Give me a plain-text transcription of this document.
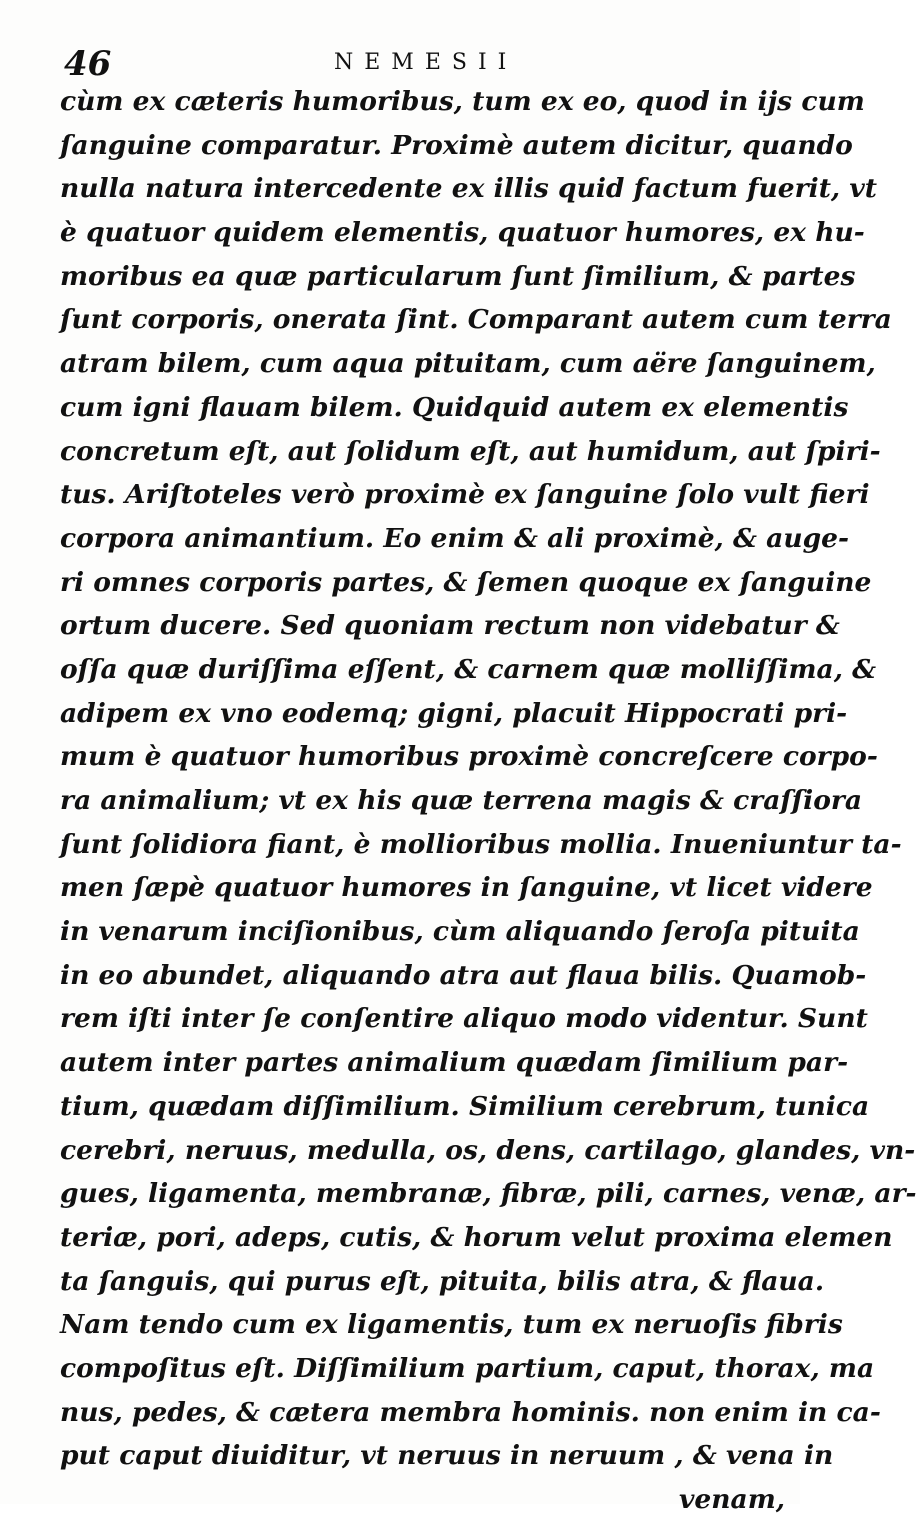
46	NEMESII
cùm ex cæteris humoribus, tum ex eo, quod in ijs cum
ſanguine comparatur. Proximè autem dicitur, quando
nulla natura intercedente ex illis quid factum fuerit, vt
è quatuor quidem elementis, quatuor humores, ex hu-
moribus ea quæ particularum ſunt ſimilium, & partes
ſunt corporis, onerata ſint. Comparant autem cum terra
atram bilem, cum aqua pituitam, cum aëre ſanguinem,
cum igni flauam bilem. Quidquid autem ex elementis
concretum eſt, aut ſolidum eſt, aut humidum, aut ſpiri-
tus. Ariſtoteles verò proximè ex ſanguine ſolo vult fieri
corpora animantium. Eo enim & ali proximè, & auge-
ri omnes corporis partes, & ſemen quoque ex ſanguine
ortum ducere. Sed quoniam rectum non videbatur &
oſſa quæ duriſſima eſſent, & carnem quæ molliſſima, &
adipem ex vno eodemq; gigni, placuit Hippocrati pri-
mum è quatuor humoribus proximè concreſcere corpo-
ra animalium; vt ex his quæ terrena magis & craſſiora
ſunt ſolidiora fiant, è mollioribus mollia. Inueniuntur ta-
men ſæpè quatuor humores in ſanguine, vt licet videre
in venarum inciſionibus, cùm aliquando ſeroſa pituita
in eo abundet, aliquando atra aut flaua bilis. Quamob-
rem iſti inter ſe conſentire aliquo modo videntur. Sunt
autem inter partes animalium quædam ſimilium par-
tium, quædam diſſimilium. Similium cerebrum, tunica
cerebri, neruus, medulla, os, dens, cartilago, glandes, vn-
gues, ligamenta, membranæ, fibræ, pili, carnes, venæ, ar-
teriæ, pori, adeps, cutis, & horum velut proxima elemen
ta ſanguis, qui purus eſt, pituita, bilis atra, & flaua.
Nam tendo cum ex ligamentis, tum ex neruoſis fibris
compoſitus eſt. Diſſimilium partium, caput, thorax, ma
nus, pedes, & cætera membra hominis. non enim in ca-
put caput diuiditur, vt neruus in neruum , & vena in
venam,
